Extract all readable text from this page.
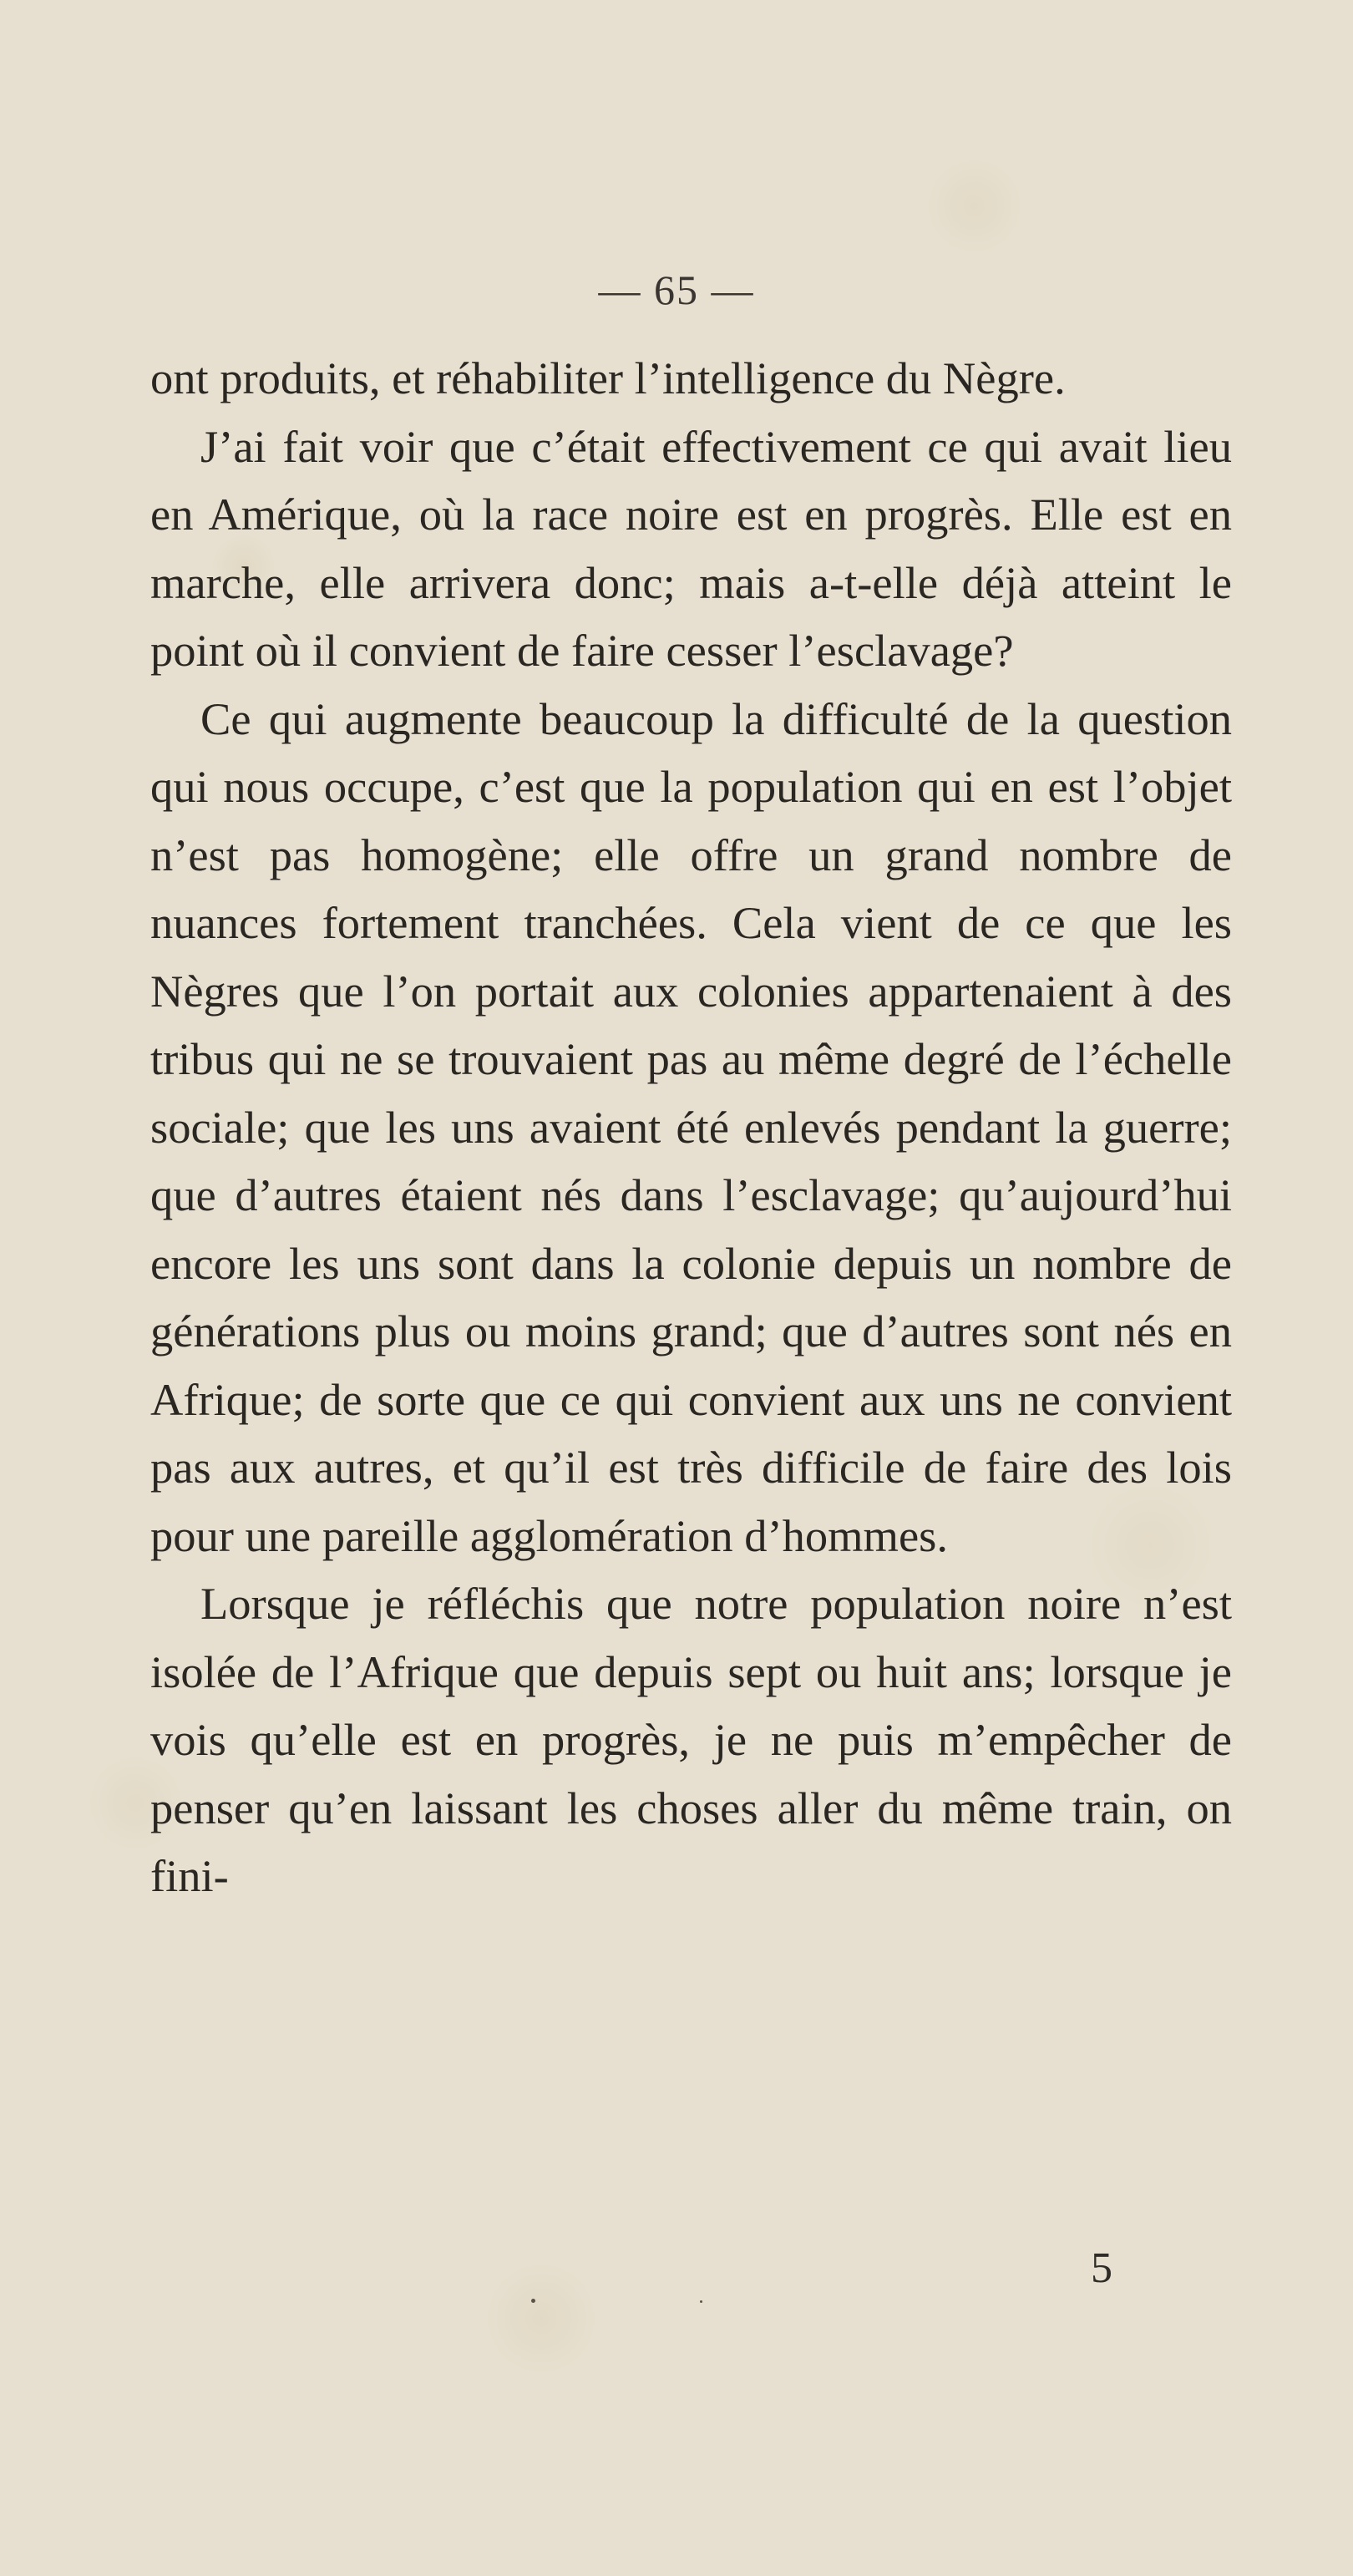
— 65 —

ont produits, et réhabiliter l’intelligence du Nègre.

J’ai fait voir que c’était effectivement ce qui avait lieu en Amérique, où la race noire est en progrès. Elle est en marche, elle arrivera donc; mais a-t-elle déjà atteint le point où il convient de faire cesser l’esclavage?

Ce qui augmente beaucoup la difficulté de la question qui nous occupe, c’est que la population qui en est l’objet n’est pas homogène; elle offre un grand nombre de nuances fortement tranchées. Cela vient de ce que les Nègres que l’on portait aux colonies appartenaient à des tribus qui ne se trouvaient pas au même degré de l’échelle sociale; que les uns avaient été enlevés pendant la guerre; que d’autres étaient nés dans l’esclavage; qu’aujourd’hui encore les uns sont dans la colonie depuis un nombre de générations plus ou moins grand; que d’autres sont nés en Afrique; de sorte que ce qui convient aux uns ne convient pas aux autres, et qu’il est très difficile de faire des lois pour une pareille agglomération d’hommes.

Lorsque je réfléchis que notre population noire n’est isolée de l’Afrique que depuis sept ou huit ans; lorsque je vois qu’elle est en progrès, je ne puis m’empêcher de penser qu’en laissant les choses aller du même train, on fini-

5
